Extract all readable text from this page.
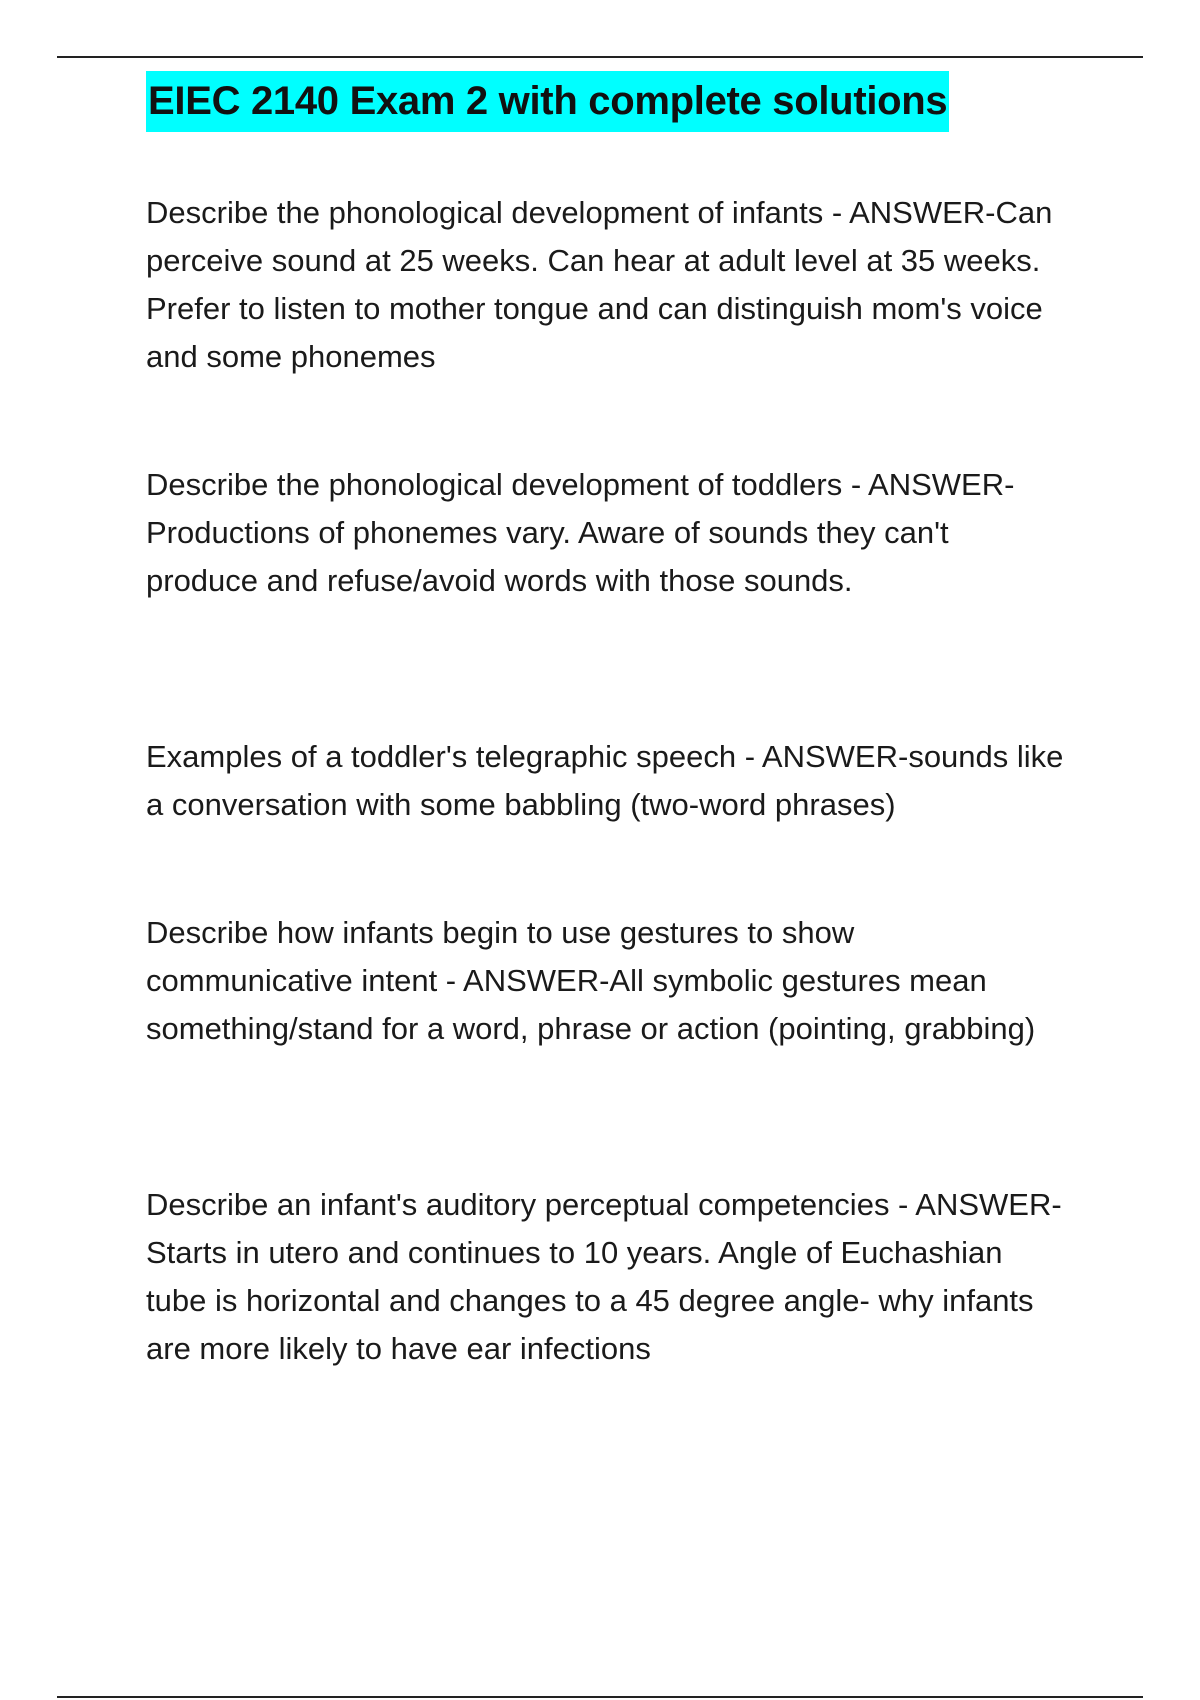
EIEC 2140 Exam 2 with complete solutions

Describe the phonological development of infants - ANSWER-Can perceive sound at 25 weeks. Can hear at adult level at 35 weeks. Prefer to listen to mother tongue and can distinguish mom's voice and some phonemes

Describe the phonological development of toddlers - ANSWER-Productions of phonemes vary. Aware of sounds they can't produce and refuse/avoid words with those sounds.

Examples of a toddler's telegraphic speech - ANSWER-sounds like a conversation with some babbling (two-word phrases)

Describe how infants begin to use gestures to show communicative intent - ANSWER-All symbolic gestures mean something/stand for a word, phrase or action (pointing, grabbing)

Describe an infant's auditory perceptual competencies - ANSWER-Starts in utero and continues to 10 years. Angle of Euchashian tube is horizontal and changes to a 45 degree angle- why infants are more likely to have ear infections
